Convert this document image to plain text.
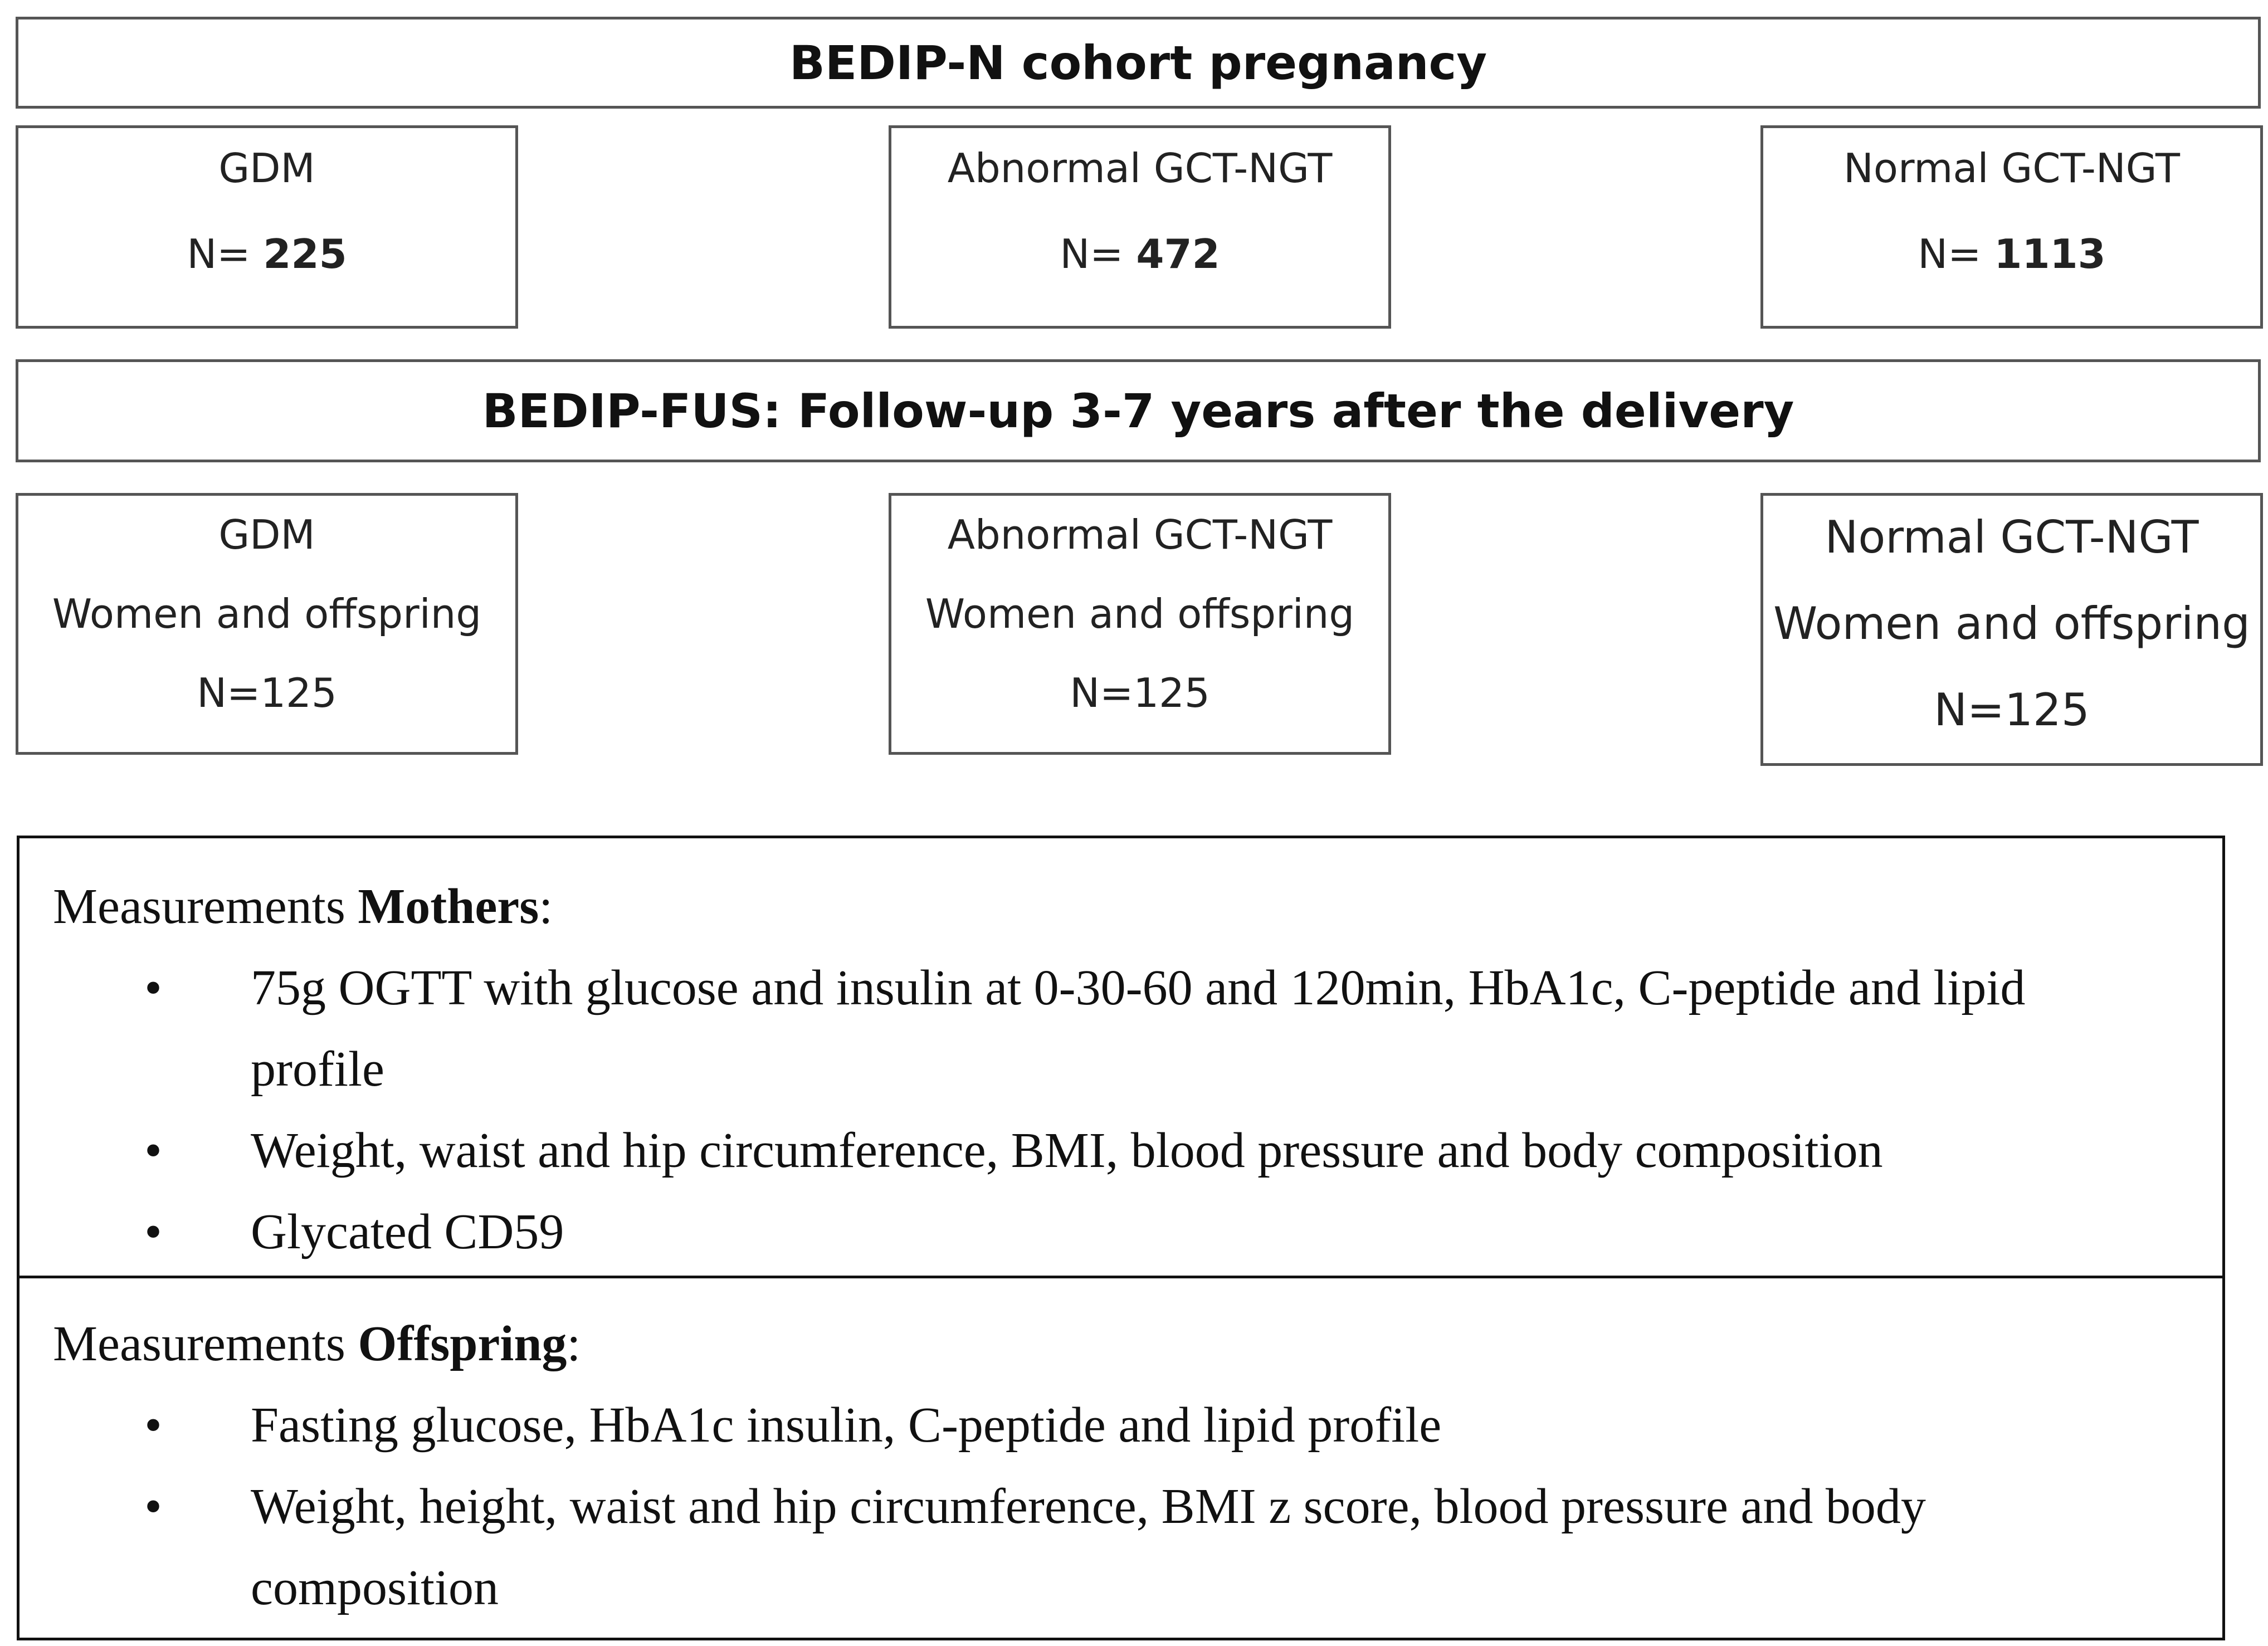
BEDIP-N cohort pregnancy
GDM
N= 225
Abnormal GCT-NGT
N= 472
Normal GCT-NGT
N= 1113
BEDIP-FUS: Follow-up 3-7 years after the delivery
GDM
Women and offspring
N=125
Abnormal GCT-NGT
Women and offspring
N=125
Normal GCT-NGT
Women and offspring
N=125
Measurements Mothers:
• 75g OGTT with glucose and insulin at 0-30-60 and 120min, HbA1c, C-peptide and lipid profile
• Weight, waist and hip circumference, BMI, blood pressure and body composition
• Glycated CD59
Measurements Offspring:
• Fasting glucose, HbA1c insulin, C-peptide and lipid profile
• Weight, height, waist and hip circumference, BMI z score, blood pressure and body composition
